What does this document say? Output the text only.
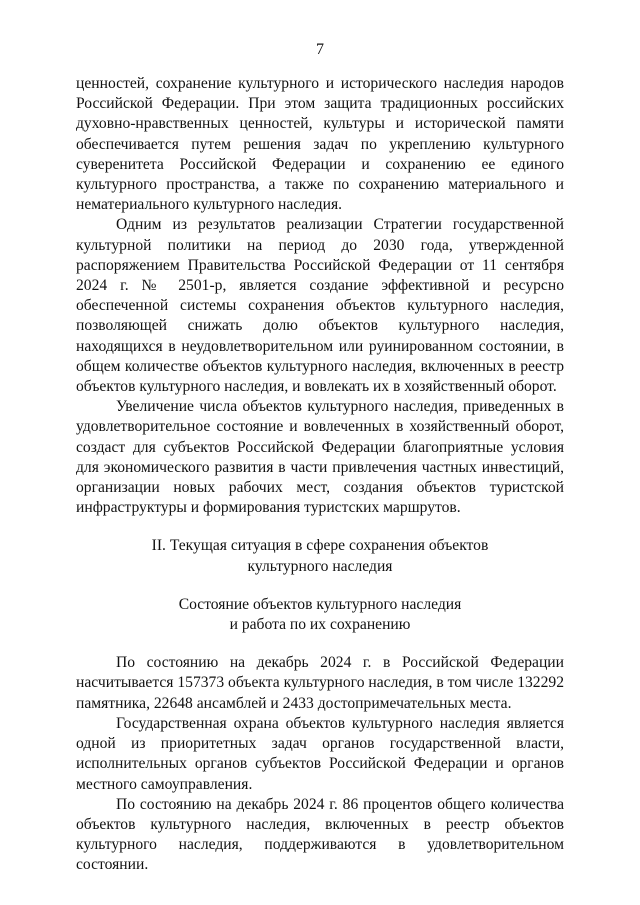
7

ценностей, сохранение культурного и исторического наследия народов Российской Федерации. При этом защита традиционных российских духовно-нравственных ценностей, культуры и исторической памяти обеспечивается путем решения задач по укреплению культурного суверенитета Российской Федерации и сохранению ее единого культурного пространства, а также по сохранению материального и нематериального культурного наследия.

Одним из результатов реализации Стратегии государственной культурной политики на период до 2030 года, утвержденной распоряжением Правительства Российской Федерации от 11 сентября 2024 г. № 2501-р, является создание эффективной и ресурсно обеспеченной системы сохранения объектов культурного наследия, позволяющей снижать долю объектов культурного наследия, находящихся в неудовлетворительном или руинированном состоянии, в общем количестве объектов культурного наследия, включенных в реестр объектов культурного наследия, и вовлекать их в хозяйственный оборот.

Увеличение числа объектов культурного наследия, приведенных в удовлетворительное состояние и вовлеченных в хозяйственный оборот, создаст для субъектов Российской Федерации благоприятные условия для экономического развития в части привлечения частных инвестиций, организации новых рабочих мест, создания объектов туристской инфраструктуры и формирования туристских маршрутов.

II. Текущая ситуация в сфере сохранения объектов

культурного наследия

Состояние объектов культурного наследия

и работа по их сохранению

По состоянию на декабрь 2024 г. в Российской Федерации насчитывается 157373 объекта культурного наследия, в том числе 132292 памятника, 22648 ансамблей и 2433 достопримечательных места.

Государственная охрана объектов культурного наследия является одной из приоритетных задач органов государственной власти, исполнительных органов субъектов Российской Федерации и органов местного самоуправления.

По состоянию на декабрь 2024 г. 86 процентов общего количества объектов культурного наследия, включенных в реестр объектов культурного наследия, поддерживаются в удовлетворительном состоянии.
